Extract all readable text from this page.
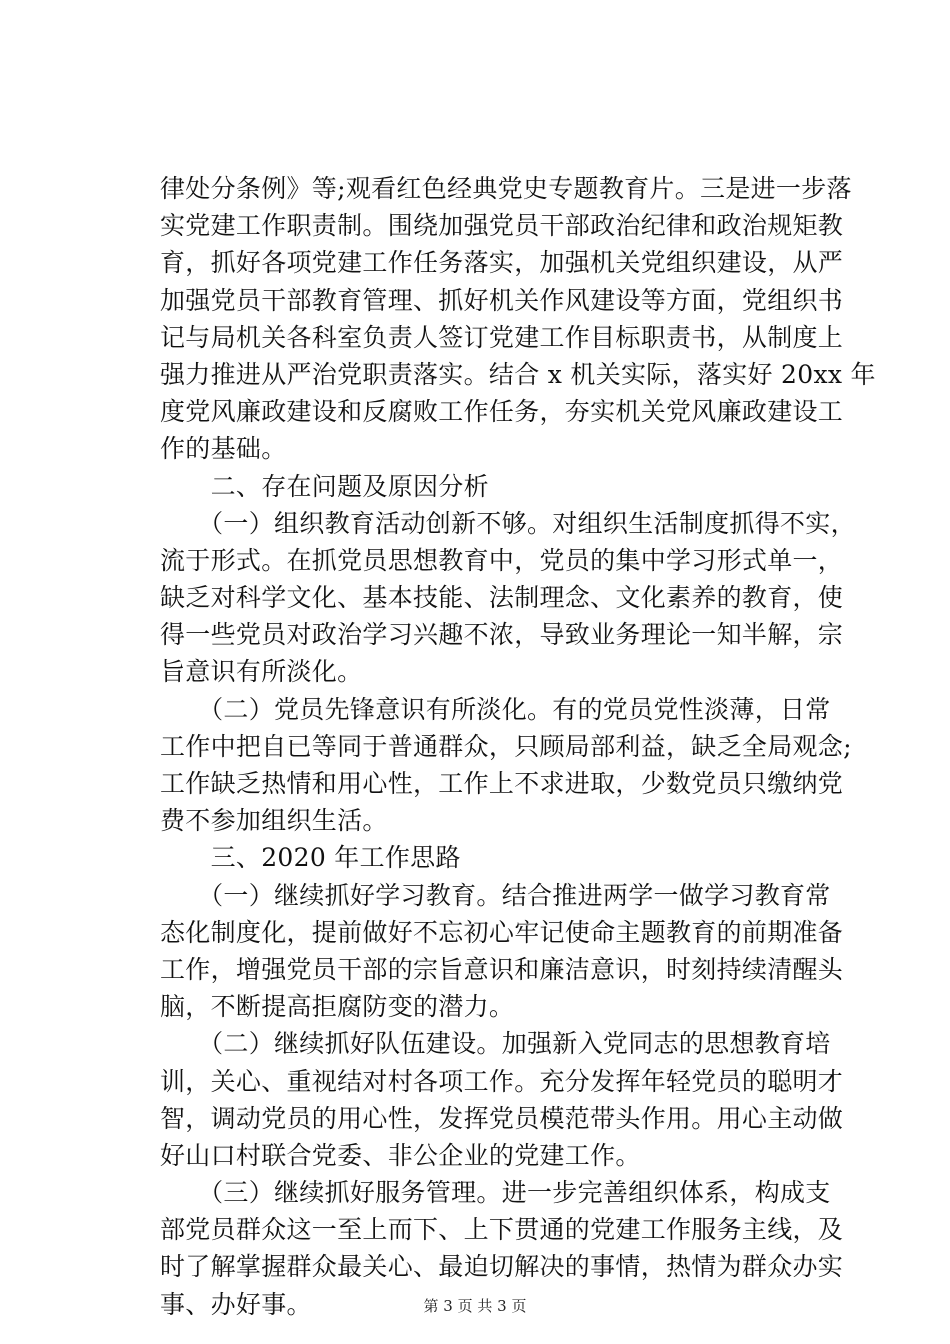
律处分条例》等;观看红色经典党史专题教育片。三是进一步落
实党建工作职责制。围绕加强党员干部政治纪律和政治规矩教
育，抓好各项党建工作任务落实，加强机关党组织建设，从严
加强党员干部教育管理、抓好机关作风建设等方面，党组织书
记与局机关各科室负责人签订党建工作目标职责书，从制度上
强力推进从严治党职责落实。结合 x 机关实际，落实好 20xx 年
度党风廉政建设和反腐败工作任务，夯实机关党风廉政建设工
作的基础。
　　二、存在问题及原因分析
　　（一）组织教育活动创新不够。对组织生活制度抓得不实，
流于形式。在抓党员思想教育中，党员的集中学习形式单一，
缺乏对科学文化、基本技能、法制理念、文化素养的教育，使
得一些党员对政治学习兴趣不浓，导致业务理论一知半解，宗
旨意识有所淡化。
　　（二）党员先锋意识有所淡化。有的党员党性淡薄，日常
工作中把自已等同于普通群众，只顾局部利益，缺乏全局观念;
工作缺乏热情和用心性，工作上不求进取，少数党员只缴纳党
费不参加组织生活。
　　三、2020 年工作思路
　　（一）继续抓好学习教育。结合推进两学一做学习教育常
态化制度化，提前做好不忘初心牢记使命主题教育的前期准备
工作，增强党员干部的宗旨意识和廉洁意识，时刻持续清醒头
脑，不断提高拒腐防变的潜力。
　　（二）继续抓好队伍建设。加强新入党同志的思想教育培
训，关心、重视结对村各项工作。充分发挥年轻党员的聪明才
智，调动党员的用心性，发挥党员模范带头作用。用心主动做
好山口村联合党委、非公企业的党建工作。
　　（三）继续抓好服务管理。进一步完善组织体系，构成支
部党员群众这一至上而下、上下贯通的党建工作服务主线，及
时了解掌握群众最关心、最迫切解决的事情，热情为群众办实
事、办好事。	第 3 页 共 3 页
